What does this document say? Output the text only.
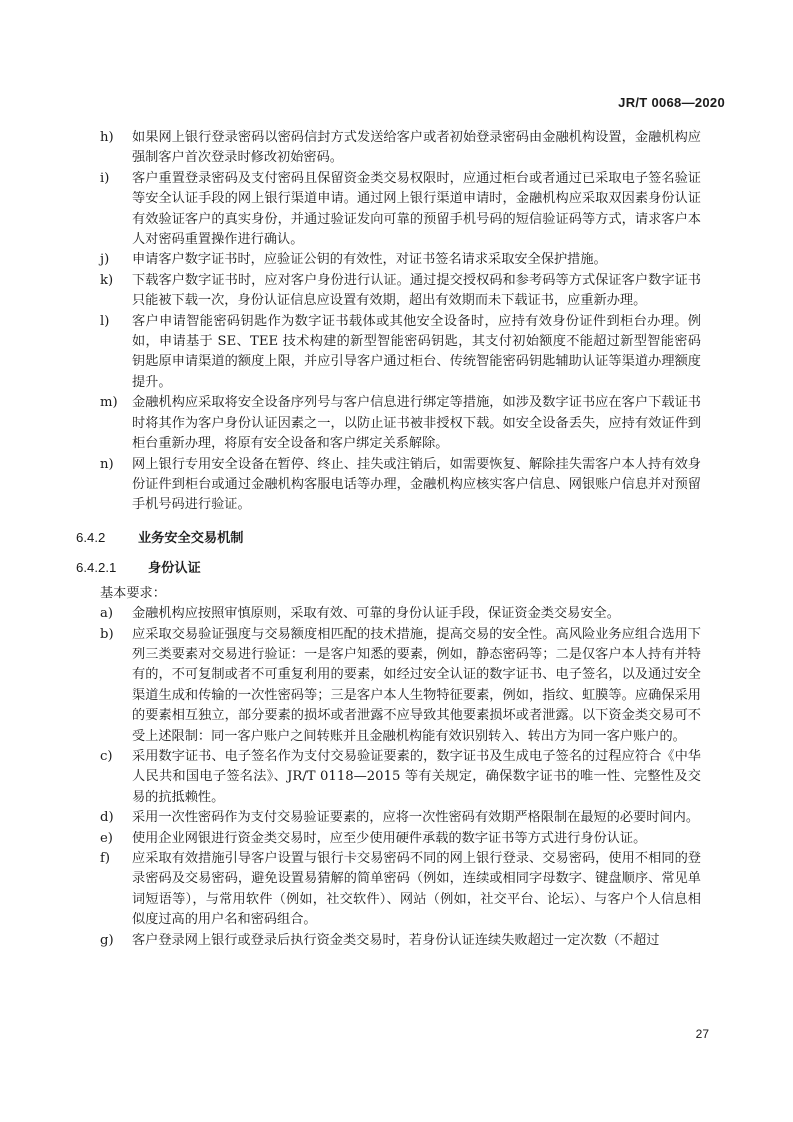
JR/T 0068—2020
h)	如果网上银行登录密码以密码信封方式发送给客户或者初始登录密码由金融机构设置，金融机构应强制客户首次登录时修改初始密码。
i)	客户重置登录密码及支付密码且保留资金类交易权限时，应通过柜台或者通过已采取电子签名验证等安全认证手段的网上银行渠道申请。通过网上银行渠道申请时，金融机构应采取双因素身份认证有效验证客户的真实身份，并通过验证发向可靠的预留手机号码的短信验证码等方式，请求客户本人对密码重置操作进行确认。
j)	申请客户数字证书时，应验证公钥的有效性，对证书签名请求采取安全保护措施。
k)	下载客户数字证书时，应对客户身份进行认证。通过提交授权码和参考码等方式保证客户数字证书只能被下载一次，身份认证信息应设置有效期，超出有效期而未下载证书，应重新办理。
l)	客户申请智能密码钥匙作为数字证书载体或其他安全设备时，应持有效身份证件到柜台办理。例如，申请基于 SE、TEE 技术构建的新型智能密码钥匙，其支付初始额度不能超过新型智能密码钥匙原申请渠道的额度上限，并应引导客户通过柜台、传统智能密码钥匙辅助认证等渠道办理额度提升。
m)	金融机构应采取将安全设备序列号与客户信息进行绑定等措施，如涉及数字证书应在客户下载证书时将其作为客户身份认证因素之一，以防止证书被非授权下载。如安全设备丢失，应持有效证件到柜台重新办理，将原有安全设备和客户绑定关系解除。
n)	网上银行专用安全设备在暂停、终止、挂失或注销后，如需要恢复、解除挂失需客户本人持有效身份证件到柜台或通过金融机构客服电话等办理，金融机构应核实客户信息、网银账户信息并对预留手机号码进行验证。
6.4.2	业务安全交易机制
6.4.2.1	身份认证
基本要求：
a)	金融机构应按照审慎原则，采取有效、可靠的身份认证手段，保证资金类交易安全。
b)	应采取交易验证强度与交易额度相匹配的技术措施，提高交易的安全性。高风险业务应组合选用下列三类要素对交易进行验证：一是客户知悉的要素，例如，静态密码等；二是仅客户本人持有并特有的，不可复制或者不可重复利用的要素，如经过安全认证的数字证书、电子签名，以及通过安全渠道生成和传输的一次性密码等；三是客户本人生物特征要素，例如，指纹、虹膜等。应确保采用的要素相互独立，部分要素的损坏或者泄露不应导致其他要素损坏或者泄露。以下资金类交易可不受上述限制：同一客户账户之间转账并且金融机构能有效识别转入、转出方为同一客户账户的。
c)	采用数字证书、电子签名作为支付交易验证要素的，数字证书及生成电子签名的过程应符合《中华人民共和国电子签名法》、JR/T 0118—2015 等有关规定，确保数字证书的唯一性、完整性及交易的抗抵赖性。
d)	采用一次性密码作为支付交易验证要素的，应将一次性密码有效期严格限制在最短的必要时间内。
e)	使用企业网银进行资金类交易时，应至少使用硬件承载的数字证书等方式进行身份认证。
f)	应采取有效措施引导客户设置与银行卡交易密码不同的网上银行登录、交易密码，使用不相同的登录密码及交易密码，避免设置易猜解的简单密码（例如，连续或相同字母数字、键盘顺序、常见单词短语等），与常用软件（例如，社交软件）、网站（例如，社交平台、论坛）、与客户个人信息相似度过高的用户名和密码组合。
g)	客户登录网上银行或登录后执行资金类交易时，若身份认证连续失败超过一定次数（不超过
27
